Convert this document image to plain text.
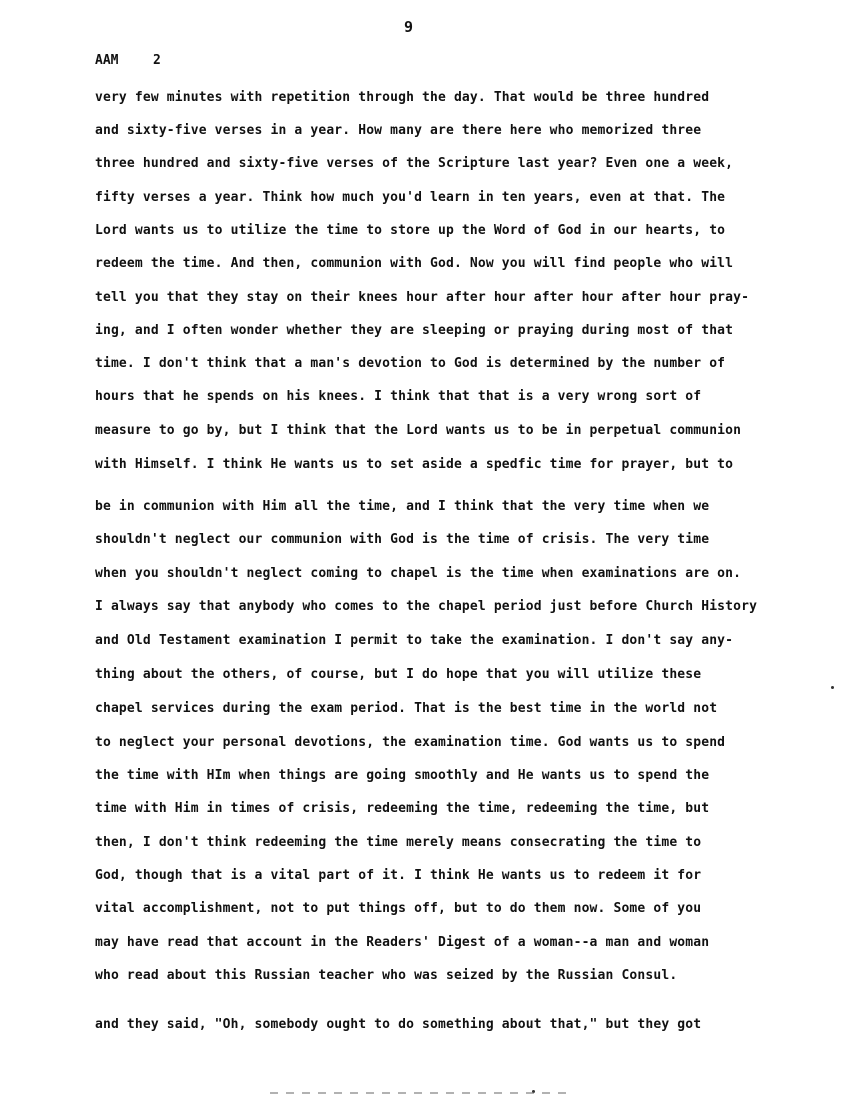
9
AAM	2
very few minutes with repetition through the day. That would be three hundred
and sixty-five verses in a year. How many are there here who memorized three
three hundred and sixty-five verses of the Scripture last year? Even one a week,
fifty verses a year. Think how much you'd learn in ten years, even at that. The
Lord wants us to utilize the time to store up the Word of God in our hearts, to
redeem the time. And then, communion with God. Now you will find people who will
tell you that they stay on their knees hour after hour after hour after hour pray-
ing, and I often wonder whether they are sleeping or praying during most of that
time. I don't think that a man's devotion to God is determined by the number of
hours that he spends on his knees. I think that that is a very wrong sort of
measure to go by, but I think that the Lord wants us to be in perpetual communion
with Himself. I think He wants us to set aside a spedfic time for prayer, but to
be in communion with Him all the time, and I think that the very time when we
shouldn't neglect our communion with God is the time of crisis. The very time
when you shouldn't neglect coming to chapel is the time when examinations are on.
I always say that anybody who comes to the chapel period just before Church History
and Old Testament examination I permit to take the examination. I don't say any-
thing about the others, of course, but I do hope that you will utilize these
chapel services during the exam period. That is the best time in the world not
to neglect your personal devotions, the examination time. God wants us to spend
the time with HIm when things are going smoothly and He wants us to spend the
time with Him in times of crisis, redeeming the time, redeeming the time, but
then, I don't think redeeming the time merely means consecrating the time to
God, though that is a vital part of it. I think He wants us to redeem it for
vital accomplishment, not to put things off, but to do them now. Some of you
may have read that account in the Readers' Digest of a woman--a man and woman
who read about this Russian teacher who was seized by the Russian Consul.
and they said, "Oh, somebody ought to do something about that," but they got
